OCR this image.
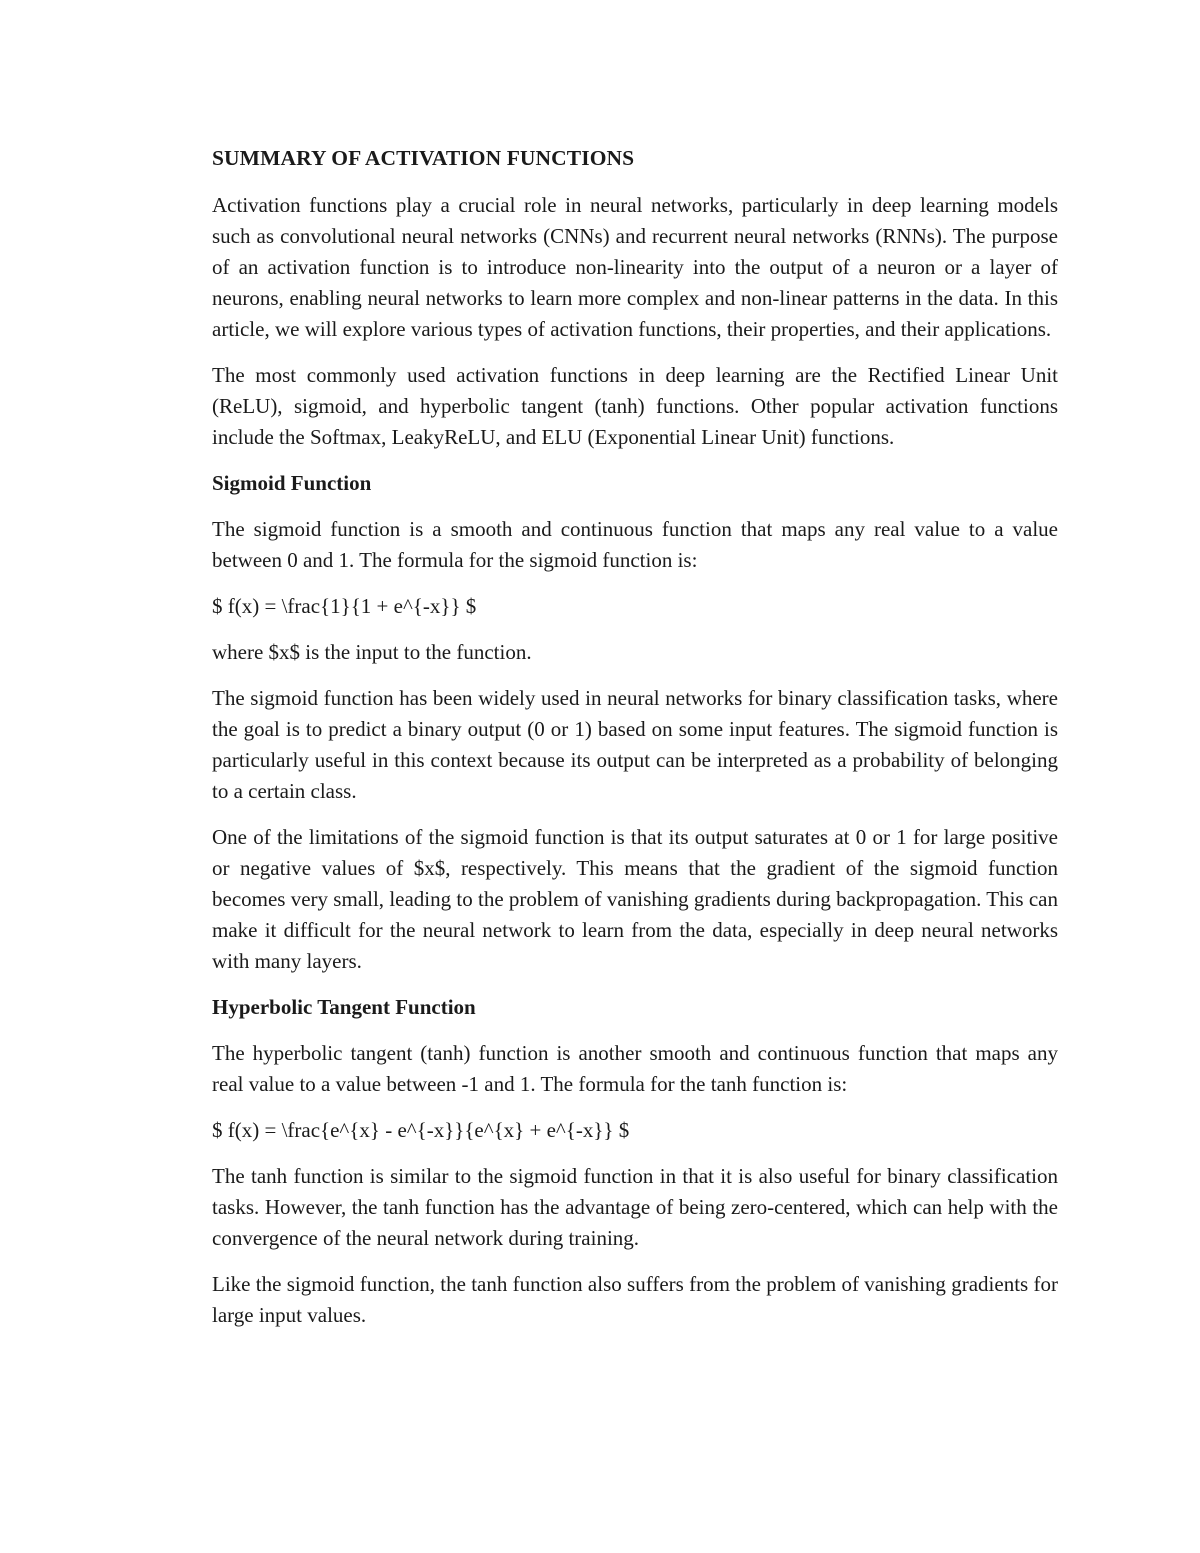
SUMMARY OF ACTIVATION FUNCTIONS

Activation functions play a crucial role in neural networks, particularly in deep learning models such as convolutional neural networks (CNNs) and recurrent neural networks (RNNs). The purpose of an activation function is to introduce non-linearity into the output of a neuron or a layer of neurons, enabling neural networks to learn more complex and non-linear patterns in the data. In this article, we will explore various types of activation functions, their properties, and their applications.

The most commonly used activation functions in deep learning are the Rectified Linear Unit (ReLU), sigmoid, and hyperbolic tangent (tanh) functions. Other popular activation functions include the Softmax, LeakyReLU, and ELU (Exponential Linear Unit) functions.

Sigmoid Function

The sigmoid function is a smooth and continuous function that maps any real value to a value between 0 and 1. The formula for the sigmoid function is:

$ f(x) = \frac{1}{1 + e^{-x}} $

where $x$ is the input to the function.

The sigmoid function has been widely used in neural networks for binary classification tasks, where the goal is to predict a binary output (0 or 1) based on some input features. The sigmoid function is particularly useful in this context because its output can be interpreted as a probability of belonging to a certain class.

One of the limitations of the sigmoid function is that its output saturates at 0 or 1 for large positive or negative values of $x$, respectively. This means that the gradient of the sigmoid function becomes very small, leading to the problem of vanishing gradients during backpropagation. This can make it difficult for the neural network to learn from the data, especially in deep neural networks with many layers.

Hyperbolic Tangent Function

The hyperbolic tangent (tanh) function is another smooth and continuous function that maps any real value to a value between -1 and 1. The formula for the tanh function is:

$ f(x) = \frac{e^{x} - e^{-x}}{e^{x} + e^{-x}} $

The tanh function is similar to the sigmoid function in that it is also useful for binary classification tasks. However, the tanh function has the advantage of being zero-centered, which can help with the convergence of the neural network during training.

Like the sigmoid function, the tanh function also suffers from the problem of vanishing gradients for large input values.
